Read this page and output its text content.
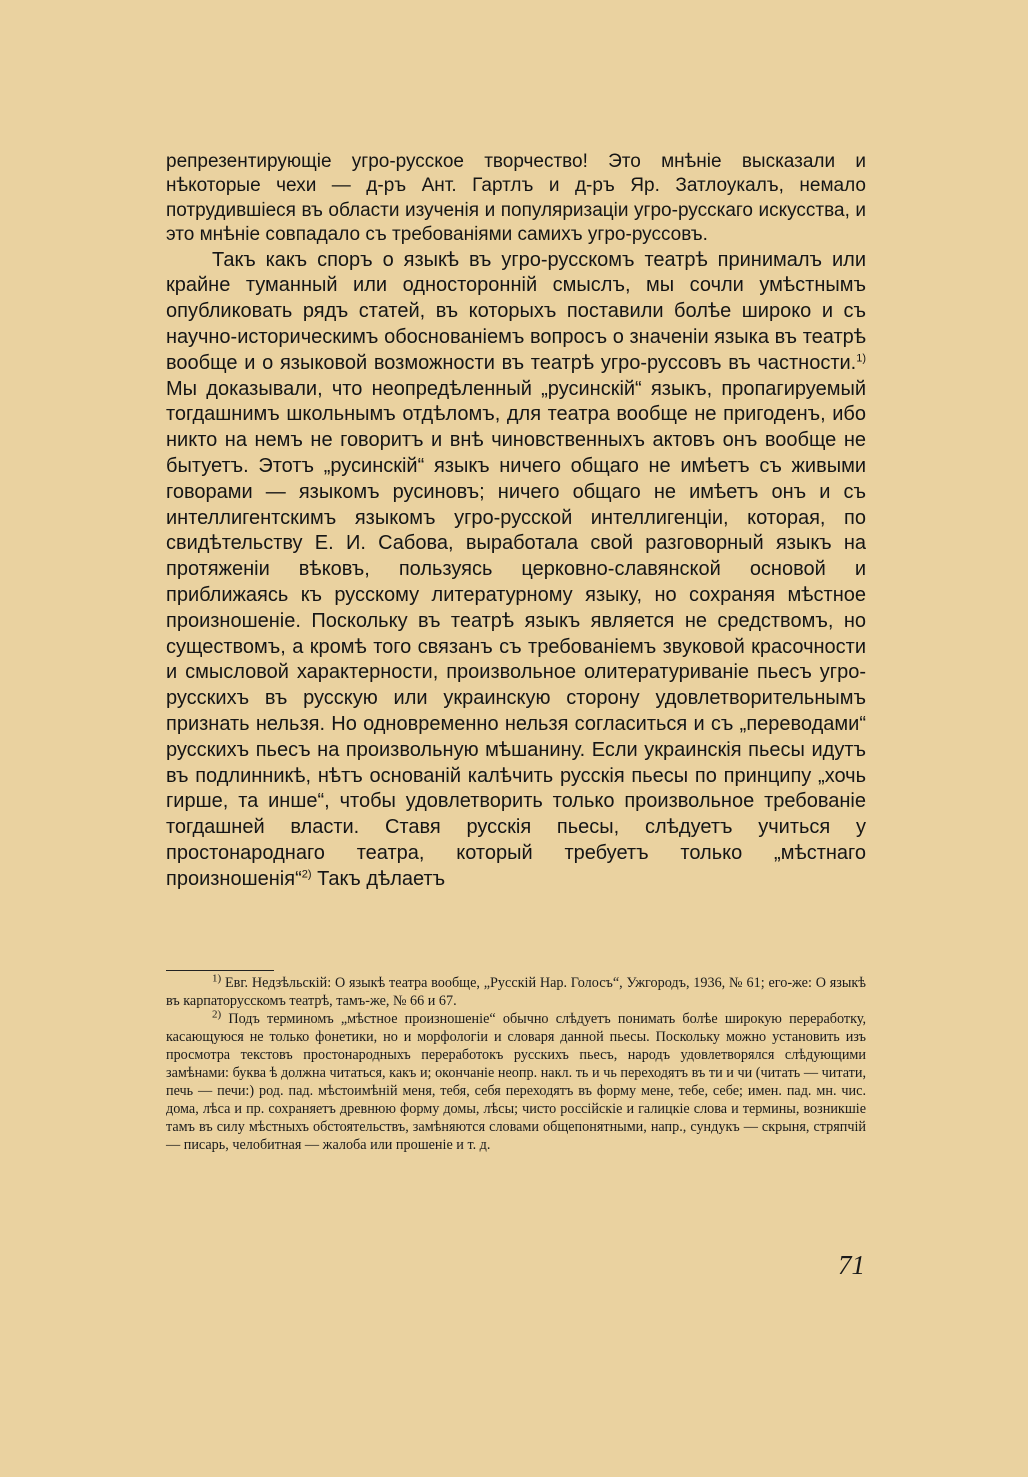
репрезентирующіе угро-русское творчество! Это мнѣніе высказали и нѣкоторые чехи — д-ръ Ант. Гартлъ и д-ръ Яр. Затлоукалъ, немало потрудившіеся въ области изученія и популяризаціи угро-русскаго искусства, и это мнѣніе совпадало съ требованіями самихъ угро-руссовъ.

Такъ какъ споръ о языкѣ въ угро-русскомъ театрѣ принималъ или крайне туманный или односторонній смыслъ, мы сочли умѣстнымъ опубликовать рядъ статей, въ которыхъ поставили болѣе широко и съ научно-историческимъ обоснованіемъ вопросъ о значеніи языка въ театрѣ вообще и о языковой возможности въ театрѣ угро-руссовъ въ частности.$^{1)}$ Мы доказывали, что неопредѣленный „русинскій“ языкъ, пропагируемый тогдашнимъ школьнымъ отдѣломъ, для театра вообще не пригоденъ, ибо никто на немъ не говоритъ и внѣ чиновственныхъ актовъ онъ вообще не бытуетъ. Этотъ „русинскій“ языкъ ничего общаго не имѣетъ съ живыми говорами — языкомъ русиновъ; ничего общаго не имѣетъ онъ и съ интеллигентскимъ языкомъ угро-русской интеллигенціи, которая, по свидѣтельству Е. И. Сабова, выработала свой разговорный языкъ на протяженіи вѣковъ, пользуясь церковно-славянской основой и приближаясь къ русскому литературному языку, но сохраняя мѣстное произношеніе. Поскольку въ театрѣ языкъ является не средствомъ, но существомъ, а кромѣ того связанъ съ требованіемъ звуковой красочности и смысловой характерности, произвольное олитературиваніе пьесъ угро-русскихъ въ русскую или украинскую сторону удовлетворительнымъ признать нельзя. Но одновременно нельзя согласиться и съ „переводами“ русскихъ пьесъ на произвольную мѣшанину. Если украинскія пьесы идутъ въ подлинникѣ, нѣтъ основаній калѣчить русскія пьесы по принципу „хочь гирше, та инше“, чтобы удовлетворить только произвольное требованіе тогдашней власти. Ставя русскія пьесы, слѣдуетъ учиться у простонароднаго театра, который требуетъ только „мѣстнаго произношенія“$^{2)}$ Такъ дѣлаетъ

$^{1)}$ Евг. Недзѣльскій: О языкѣ театра вообще, „Русскій Нар. Голосъ“, Ужгородъ, 1936, № 61; его-же: О языкѣ въ карпаторусскомъ театрѣ, тамъ-же, № 66 и 67.

$^{2)}$ Подъ терминомъ „мѣстное произношеніе“ обычно слѣдуетъ понимать болѣе широкую переработку, касающуюся не только фонетики, но и морфологіи и словаря данной пьесы. Поскольку можно установить изъ просмотра текстовъ простонародныхъ переработокъ русскихъ пьесъ, народъ удовлетворялся слѣдующими замѣнами: буква ѣ должна читаться, какъ и; окончаніе неопр. накл. ть и чь переходятъ въ ти и чи (читать — читати, печь — печи:) род. пад. мѣстоимѣній меня, тебя, себя переходятъ въ форму мене, тебе, себе; имен. пад. мн. чис. дома, лѣса и пр. сохраняетъ древнюю форму домы, лѣсы; чисто россійскіе и галицкіе слова и термины, возникшіе тамъ въ силу мѣстныхъ обстоятельствъ, замѣняются словами общепонятными, напр., сундукъ — скрыня, стряпчій — писарь, челобитная — жалоба или прошеніе и т. д.

71
